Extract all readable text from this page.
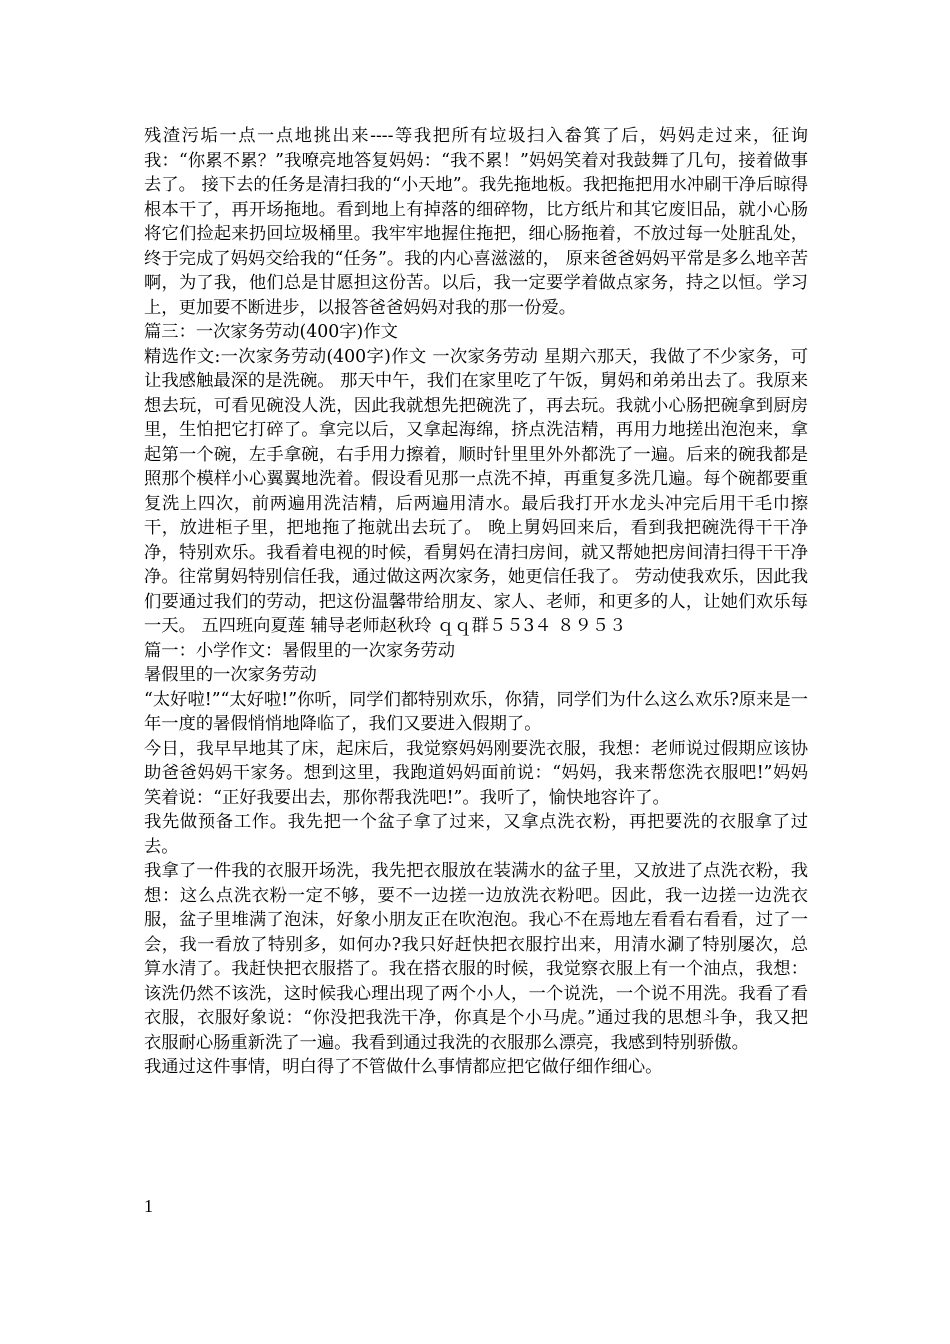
残渣污垢一点一点地挑出来----等我把所有垃圾扫入畚箕了后，妈妈走过来，征询我：“你累不累？”我嘹亮地答复妈妈：“我不累！”妈妈笑着对我鼓舞了几句，接着做事去了。 接下去的任务是清扫我的“小天地”。我先拖地板。我把拖把用水冲刷干净后晾得根本干了，再开场拖地。看到地上有掉落的细碎物，比方纸片和其它废旧品，就小心肠将它们捡起来扔回垃圾桶里。我牢牢地握住拖把，细心肠拖着，不放过每一处脏乱处，终于完成了妈妈交给我的“任务”。我的内心喜滋滋的， 原来爸爸妈妈平常是多么地辛苦啊，为了我，他们总是甘愿担这份苦。以后，我一定要学着做点家务，持之以恒。学习上，更加要不断进步，以报答爸爸妈妈对我的那一份爱。

篇三：一次家务劳动(400字)作文

精选作文:一次家务劳动(400字)作文 一次家务劳动 星期六那天，我做了不少家务，可让我感触最深的是洗碗。 那天中午，我们在家里吃了午饭，舅妈和弟弟出去了。我原来想去玩，可看见碗没人洗，因此我就想先把碗洗了，再去玩。我就小心肠把碗拿到厨房里，生怕把它打碎了。拿完以后，又拿起海绵，挤点洗洁精，再用力地搓出泡泡来，拿起第一个碗，左手拿碗，右手用力擦着，顺时针里里外外都洗了一遍。后来的碗我都是照那个模样小心翼翼地洗着。假设看见那一点洗不掉，再重复多洗几遍。每个碗都要重复洗上四次，前两遍用洗洁精，后两遍用清水。最后我打开水龙头冲完后用干毛巾擦干，放进柜子里，把地拖了拖就出去玩了。 晚上舅妈回来后，看到我把碗洗得干干净净，特别欢乐。我看着电视的时候，看舅妈在清扫房间，就又帮她把房间清扫得干干净净。往常舅妈特别信任我，通过做这两次家务，她更信任我了。 劳动使我欢乐，因此我们要通过我们的劳动，把这份温馨带给朋友、家人、老师，和更多的人，让她们欢乐每一天。 五四班向夏莲 辅导老师赵秋玲 ｑｑ群５５3４ ８９５３

篇一：小学作文：暑假里的一次家务劳动

暑假里的一次家务劳动

“太好啦!”“太好啦!”你听，同学们都特别欢乐，你猜，同学们为什么这么欢乐?原来是一年一度的暑假悄悄地降临了，我们又要进入假期了。

今日，我早早地其了床，起床后，我觉察妈妈刚要洗衣服，我想：老师说过假期应该协助爸爸妈妈干家务。想到这里，我跑道妈妈面前说：“妈妈，我来帮您洗衣服吧!”妈妈笑着说：“正好我要出去，那你帮我洗吧!”。我听了，愉快地容许了。

我先做预备工作。我先把一个盆子拿了过来，又拿点洗衣粉，再把要洗的衣服拿了过去。

我拿了一件我的衣服开场洗，我先把衣服放在装满水的盆子里，又放进了点洗衣粉，我想：这么点洗衣粉一定不够，要不一边搓一边放洗衣粉吧。因此，我一边搓一边洗衣服，盆子里堆满了泡沫，好象小朋友正在吹泡泡。我心不在焉地左看看右看看，过了一会，我一看放了特别多，如何办?我只好赶快把衣服拧出来，用清水涮了特别屡次，总算水清了。我赶快把衣服搭了。我在搭衣服的时候，我觉察衣服上有一个油点，我想：该洗仍然不该洗，这时候我心理出现了两个小人，一个说洗，一个说不用洗。我看了看衣服，衣服好象说：“你没把我洗干净，你真是个小马虎。”通过我的思想斗争，我又把衣服耐心肠重新洗了一遍。我看到通过我洗的衣服那么漂亮，我感到特别骄傲。

我通过这件事情，明白得了不管做什么事情都应把它做仔细作细心。

1
